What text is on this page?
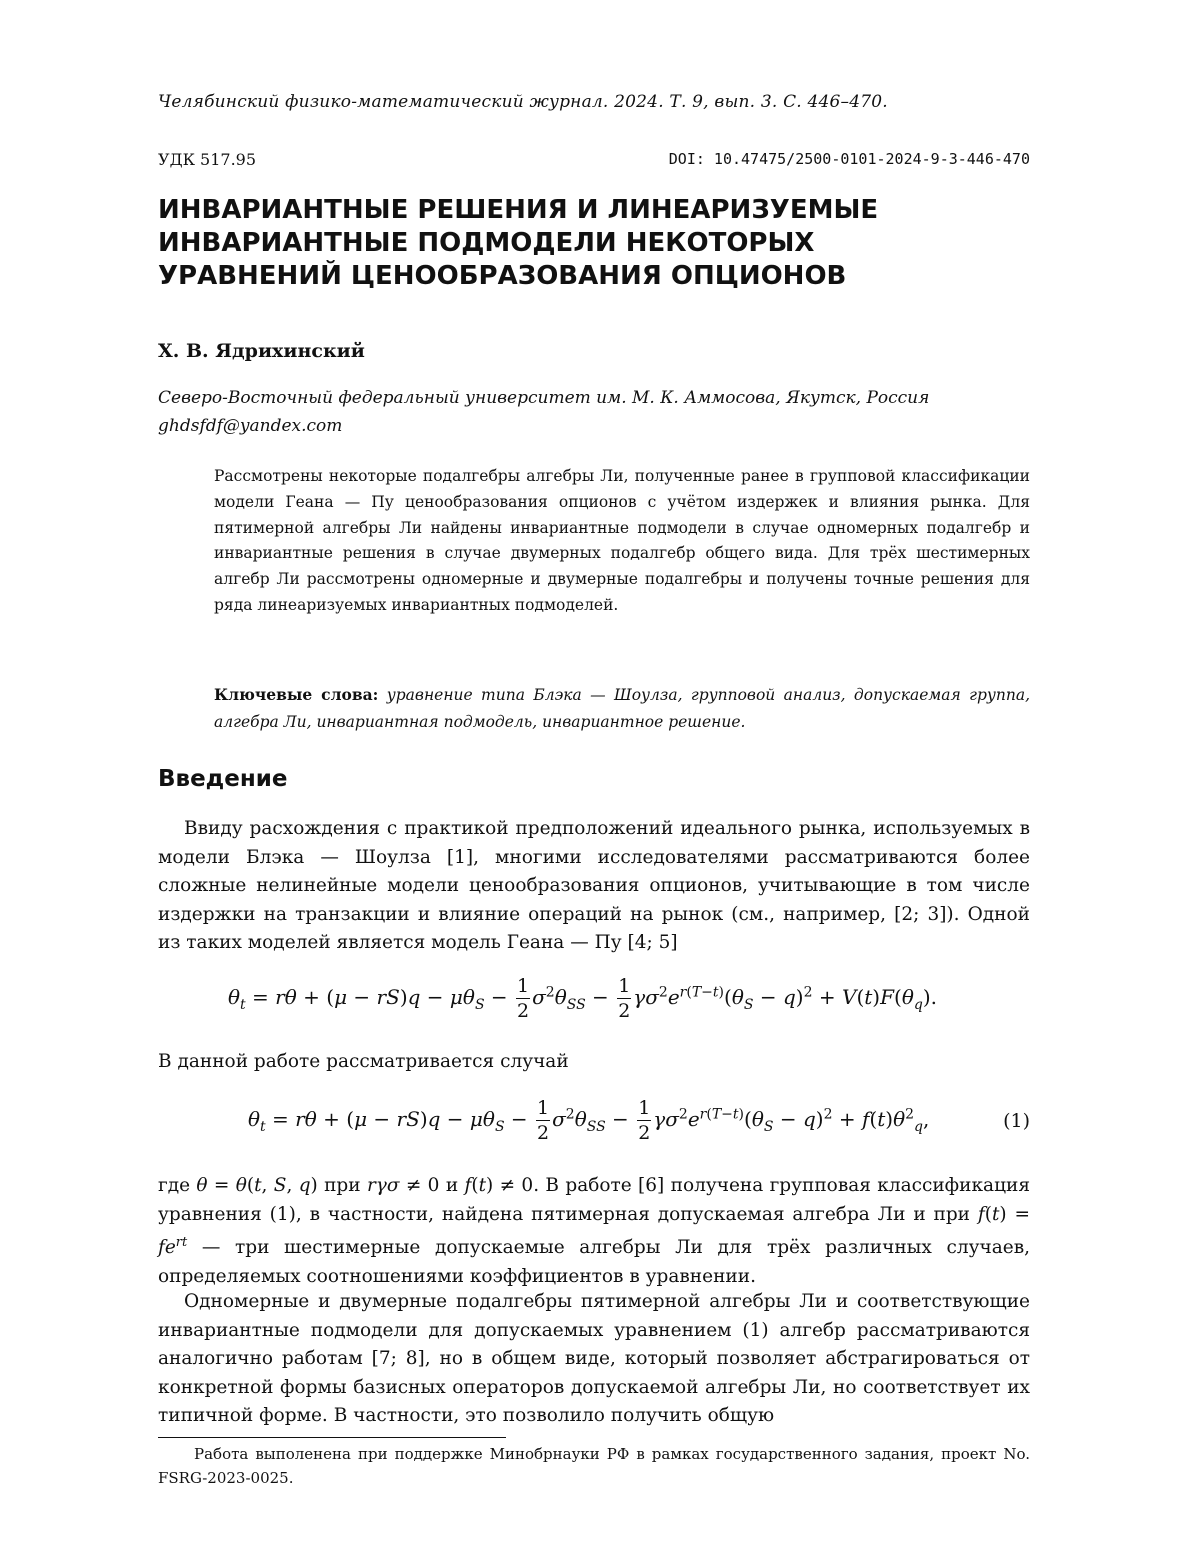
Челябинский физико-математический журнал. 2024. Т. 9, вып. 3. С. 446–470.
УДК 517.95	DOI: 10.47475/2500-0101-2024-9-3-446-470
ИНВАРИАНТНЫЕ РЕШЕНИЯ И ЛИНЕАРИЗУЕМЫЕ
ИНВАРИАНТНЫЕ ПОДМОДЕЛИ НЕКОТОРЫХ
УРАВНЕНИЙ ЦЕНООБРАЗОВАНИЯ ОПЦИОНОВ
Х. В. Ядрихинский
Северо-Восточный федеральный университет им. М. К. Аммосова, Якутск, Россия
ghdsfdf@yandex.com
Рассмотрены некоторые подалгебры алгебры Ли, полученные ранее в групповой классификации модели Геана — Пу ценообразования опционов с учётом издержек и влияния рынка. Для пятимерной алгебры Ли найдены инвариантные подмодели в случае одномерных подалгебр и инвариантные решения в случае двумерных подалгебр общего вида. Для трёх шестимерных алгебр Ли рассмотрены одномерные и двумерные подалгебры и получены точные решения для ряда линеаризуемых инвариантных подмоделей.
Ключевые слова: уравнение типа Блэка — Шоулза, групповой анализ, допускаемая группа, алгебра Ли, инвариантная подмодель, инвариантное решение.
Введение
Ввиду расхождения с практикой предположений идеального рынка, используемых в модели Блэка — Шоулза [1], многими исследователями рассматриваются более сложные нелинейные модели ценообразования опционов, учитывающие в том числе издержки на транзакции и влияние операций на рынок (см., например, [2; 3]). Одной из таких моделей является модель Геана — Пу [4; 5]
θt = rθ + (μ − rS)q − μθS − 1
2
σ2θSS − 1
2
γσ2er(T−t)(θS − q)2 + V(t)F(θq).
В данной работе рассматривается случай
θt = rθ + (μ − rS)q − μθS − 1
2
σ2θSS − 1
2
γσ2er(T−t)(θS − q)2 + f(t)θ2q,	(1)
где θ = θ(t, S, q) при rγσ ≠ 0 и f(t) ≠ 0. В работе [6] получена групповая классификация уравнения (1), в частности, найдена пятимерная допускаемая алгебра Ли и при f(t) = fert — три шестимерные допускаемые алгебры Ли для трёх различных случаев, определяемых соотношениями коэффициентов в уравнении.
Одномерные и двумерные подалгебры пятимерной алгебры Ли и соответствующие инвариантные подмодели для допускаемых уравнением (1) алгебр рассматриваются аналогично работам [7; 8], но в общем виде, который позволяет абстрагироваться от конкретной формы базисных операторов допускаемой алгебры Ли, но соответствует их типичной форме. В частности, это позволило получить общую
Работа выполенена при поддержке Минобрнауки РФ в рамках государственного задания, проект No. FSRG-2023-0025.
